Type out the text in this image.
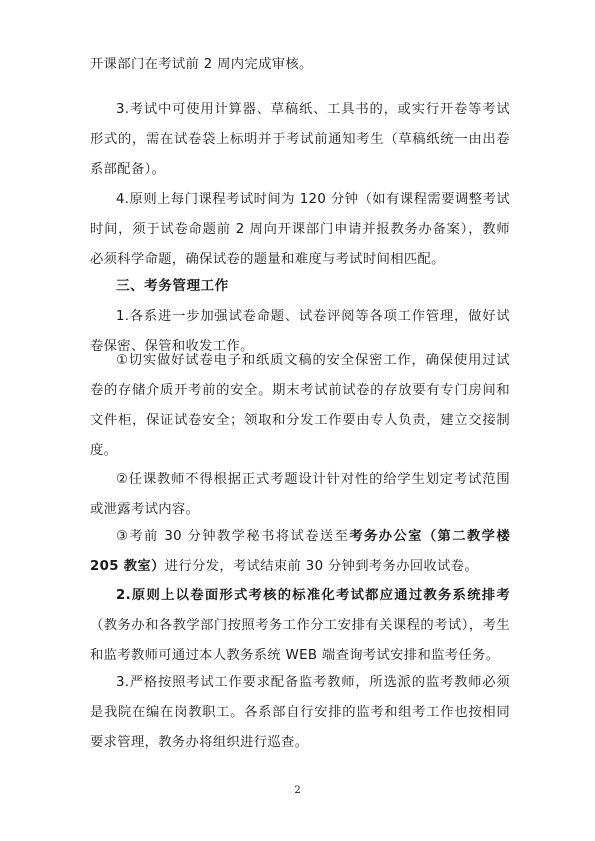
开课部门在考试前 2 周内完成审核。
3.考试中可使用计算器、草稿纸、工具书的，或实行开卷等考试形式的，需在试卷袋上标明并于考试前通知考生（草稿纸统一由出卷系部配备）。
4.原则上每门课程考试时间为 120 分钟（如有课程需要调整考试时间，须于试卷命题前 2 周向开课部门申请并报教务办备案），教师必须科学命题，确保试卷的题量和难度与考试时间相匹配。
三、考务管理工作
1.各系进一步加强试卷命题、试卷评阅等各项工作管理，做好试卷保密、保管和收发工作。
①切实做好试卷电子和纸质文稿的安全保密工作，确保使用过试卷的存储介质开考前的安全。期末考试前试卷的存放要有专门房间和文件柜，保证试卷安全；领取和分发工作要由专人负责，建立交接制度。
②任课教师不得根据正式考题设计针对性的给学生划定考试范围或泄露考试内容。
③考前 30 分钟教学秘书将试卷送至考务办公室（第二教学楼 205 教室）进行分发，考试结束前 30 分钟到考务办回收试卷。
2.原则上以卷面形式考核的标准化考试都应通过教务系统排考（教务办和各教学部门按照考务工作分工安排有关课程的考试），考生和监考教师可通过本人教务系统 WEB 端查询考试安排和监考任务。
3.严格按照考试工作要求配备监考教师，所选派的监考教师必须是我院在编在岗教职工。各系部自行安排的监考和组考工作也按相同要求管理，教务办将组织进行巡查。
2
